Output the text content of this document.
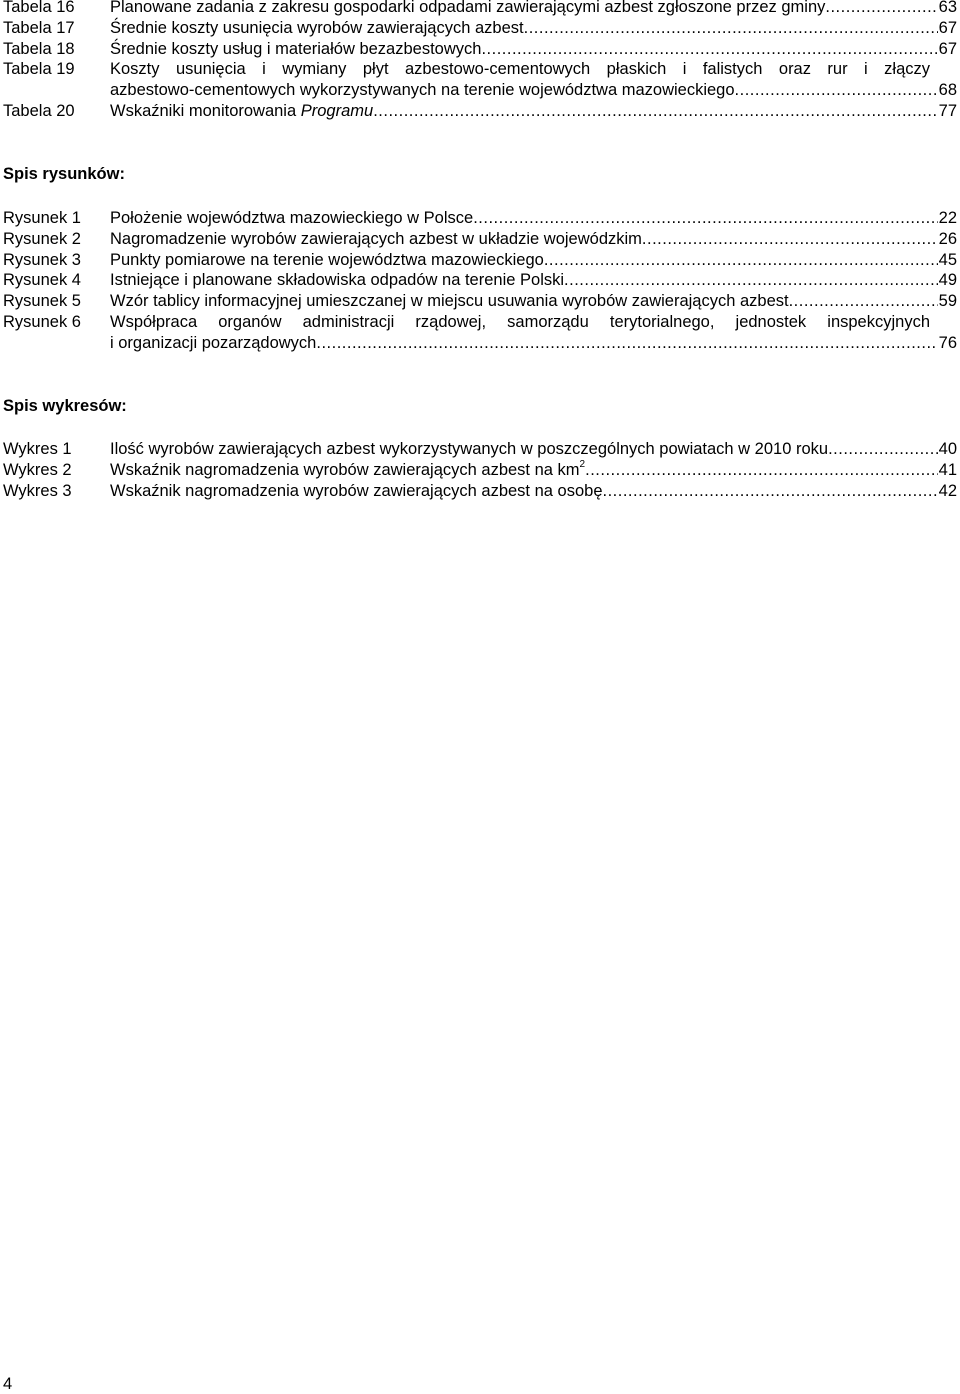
Tabela 16 Planowane zadania z zakresu gospodarki odpadami zawierającymi azbest zgłoszone przez gminy .....	63
Tabela 17 Średnie koszty usunięcia wyrobów zawierających azbest .....	67
Tabela 18 Średnie koszty usług i materiałów bezazbestowych .....	67
Tabela 19 Koszty usunięcia i wymiany płyt azbestowo-cementowych płaskich i falistych oraz rur i złączy
azbestowo-cementowych wykorzystywanych na terenie województwa mazowieckiego .....	68
Tabela 20 Wskaźniki monitorowania Programu .....	77
Spis rysunków:
Rysunek 1 Położenie województwa mazowieckiego w Polsce .....	22
Rysunek 2 Nagromadzenie wyrobów zawierających azbest w układzie wojewódzkim .....	26
Rysunek 3 Punkty pomiarowe na terenie województwa mazowieckiego .....	45
Rysunek 4 Istniejące i planowane składowiska odpadów na terenie Polski .....	49
Rysunek 5 Wzór tablicy informacyjnej umieszczanej w miejscu usuwania wyrobów zawierających azbest .....	59
Rysunek 6 Współpraca organów administracji rządowej, samorządu terytorialnego, jednostek inspekcyjnych
i organizacji pozarządowych .....	76
Spis wykresów:
Wykres 1 Ilość wyrobów zawierających azbest wykorzystywanych w poszczególnych powiatach w 2010 roku .....	40
Wykres 2 Wskaźnik nagromadzenia wyrobów zawierających azbest na $km^2$ .....	41
Wykres 3 Wskaźnik nagromadzenia wyrobów zawierających azbest na osobę .....	42
4
